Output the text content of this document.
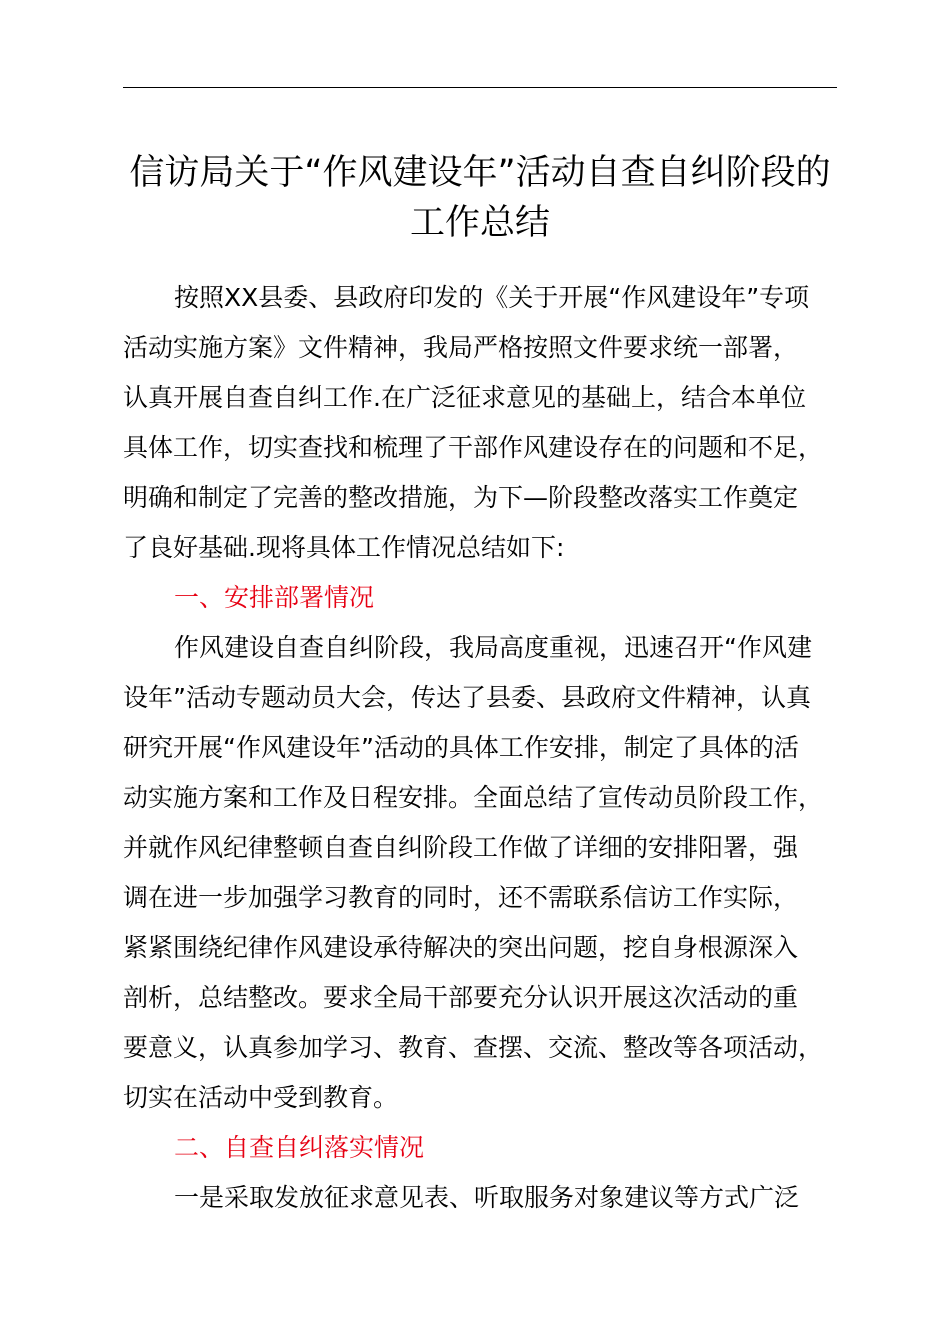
信访局关于“作风建设年”活动自查自纠阶段的
工作总结
按照XX县委、县政府印发的《关于开展“作风建设年”专项
活动实施方案》文件精神，我局严格按照文件要求统一部署，
认真开展自查自纠工作.在广泛征求意见的基础上，结合本单位
具体工作，切实查找和梳理了干部作风建设存在的问题和不足，
明确和制定了完善的整改措施，为下—阶段整改落实工作奠定
了良好基础.现将具体工作情况总结如下:
一、安排部署情况
作风建设自查自纠阶段，我局高度重视，迅速召开“作风建
设年”活动专题动员大会，传达了县委、县政府文件精神，认真
研究开展“作风建设年”活动的具体工作安排，制定了具体的活
动实施方案和工作及日程安排。全面总结了宣传动员阶段工作，
并就作风纪律整顿自查自纠阶段工作做了详细的安排阳署，强
调在进一步加强学习教育的同时，还不需联系信访工作实际，
紧紧围绕纪律作风建设承待解决的突出问题，挖自身根源深入
剖析，总结整改。要求全局干部要充分认识开展这次活动的重
要意义，认真参加学习、教育、查摆、交流、整改等各项活动，
切实在活动中受到教育。
二、自查自纠落实情况
一是采取发放征求意见表、听取服务对象建议等方式广泛
